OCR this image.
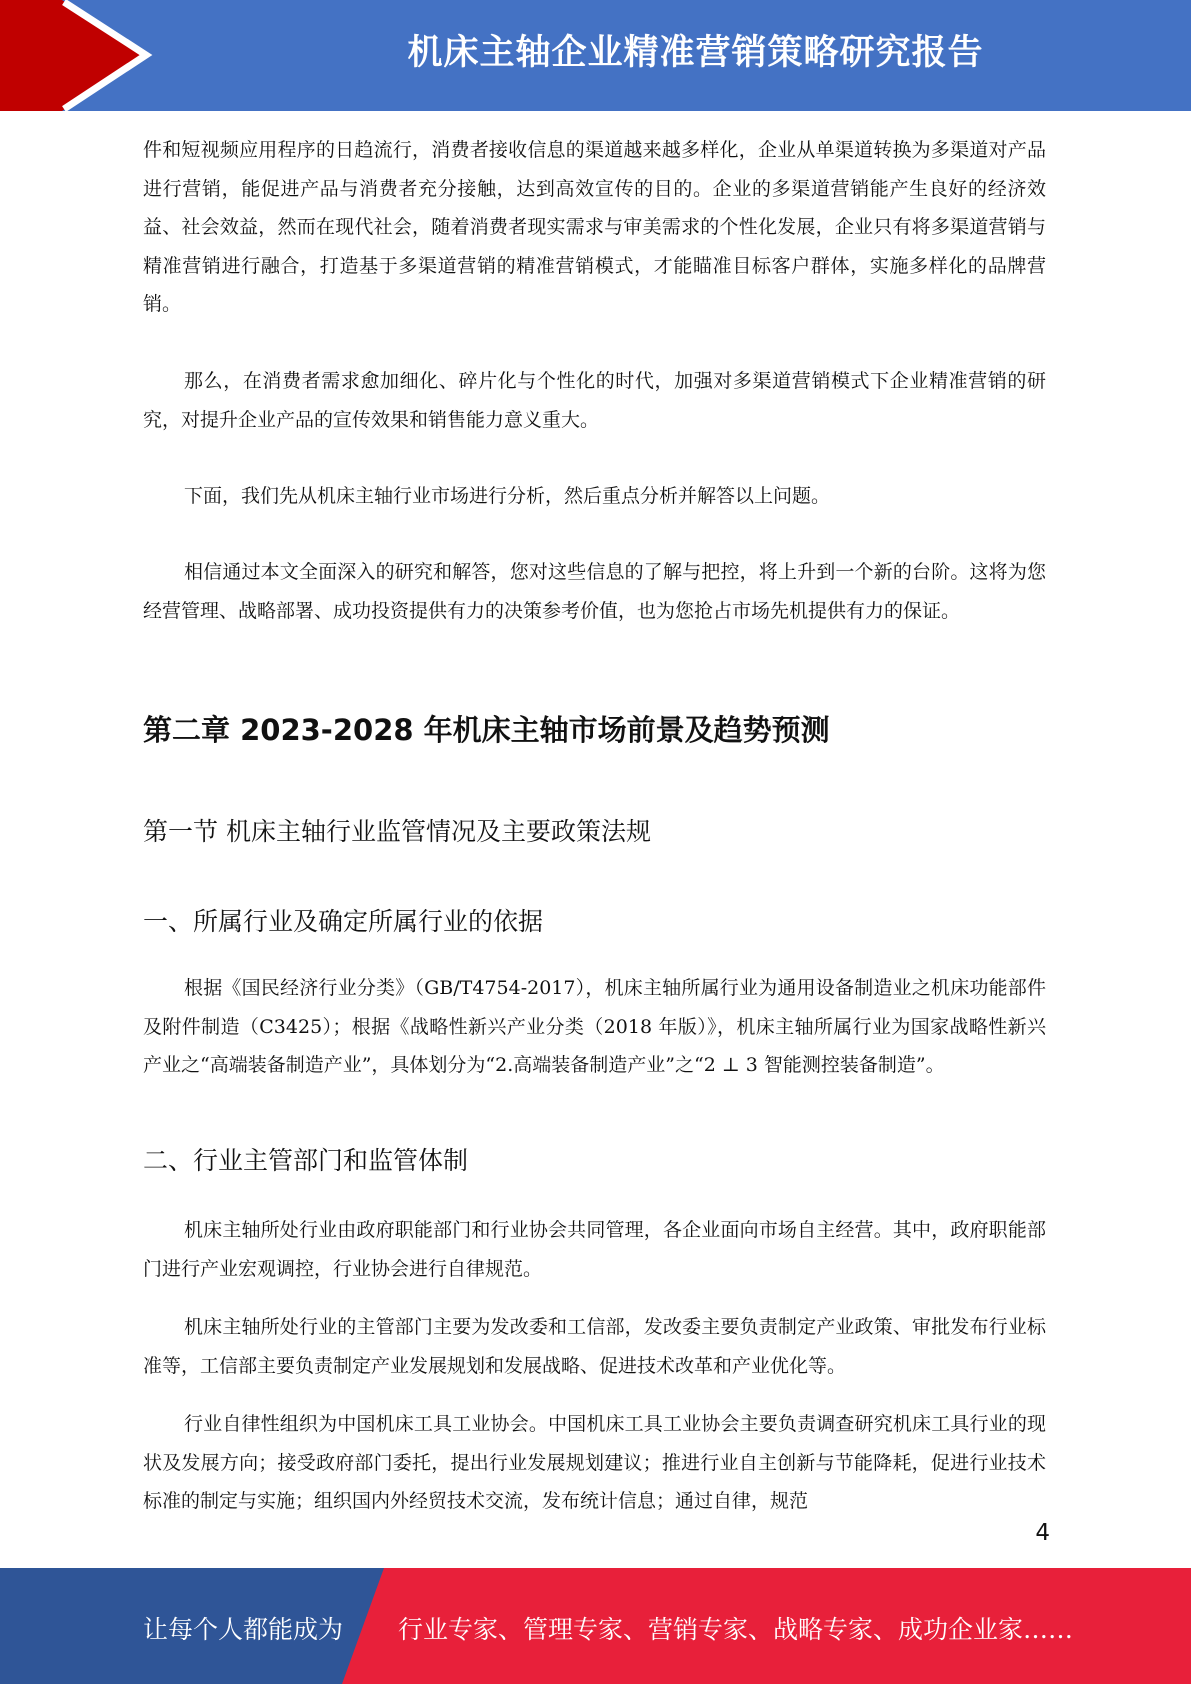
机床主轴企业精准营销策略研究报告

件和短视频应用程序的日趋流行，消费者接收信息的渠道越来越多样化，企业从单渠道转换为多渠道对产品进行营销，能促进产品与消费者充分接触，达到高效宣传的目的。企业的多渠道营销能产生良好的经济效益、社会效益，然而在现代社会，随着消费者现实需求与审美需求的个性化发展，企业只有将多渠道营销与精准营销进行融合，打造基于多渠道营销的精准营销模式，才能瞄准目标客户群体，实施多样化的品牌营销。

那么，在消费者需求愈加细化、碎片化与个性化的时代，加强对多渠道营销模式下企业精准营销的研究，对提升企业产品的宣传效果和销售能力意义重大。

下面，我们先从机床主轴行业市场进行分析，然后重点分析并解答以上问题。

相信通过本文全面深入的研究和解答，您对这些信息的了解与把控，将上升到一个新的台阶。这将为您经营管理、战略部署、成功投资提供有力的决策参考价值，也为您抢占市场先机提供有力的保证。

第二章 2023-2028 年机床主轴市场前景及趋势预测
第一节 机床主轴行业监管情况及主要政策法规
一、所属行业及确定所属行业的依据

根据《国民经济行业分类》（GB/T4754-2017），机床主轴所属行业为通用设备制造业之机床功能部件及附件制造（C3425）；根据《战略性新兴产业分类（2018 年版）》，机床主轴所属行业为国家战略性新兴产业之“高端装备制造产业”，具体划分为“2.高端装备制造产业”之“2 ⊥ 3 智能测控装备制造”。

二、行业主管部门和监管体制

机床主轴所处行业由政府职能部门和行业协会共同管理，各企业面向市场自主经营。其中，政府职能部门进行产业宏观调控，行业协会进行自律规范。

机床主轴所处行业的主管部门主要为发改委和工信部，发改委主要负责制定产业政策、审批发布行业标准等，工信部主要负责制定产业发展规划和发展战略、促进技术改革和产业优化等。

行业自律性组织为中国机床工具工业协会。中国机床工具工业协会主要负责调查研究机床工具行业的现状及发展方向；接受政府部门委托，提出行业发展规划建议；推进行业自主创新与节能降耗，促进行业技术标准的制定与实施；组织国内外经贸技术交流，发布统计信息；通过自律，规范

4
让每个人都能成为 行业专家、管理专家、营销专家、战略专家、成功企业家……
